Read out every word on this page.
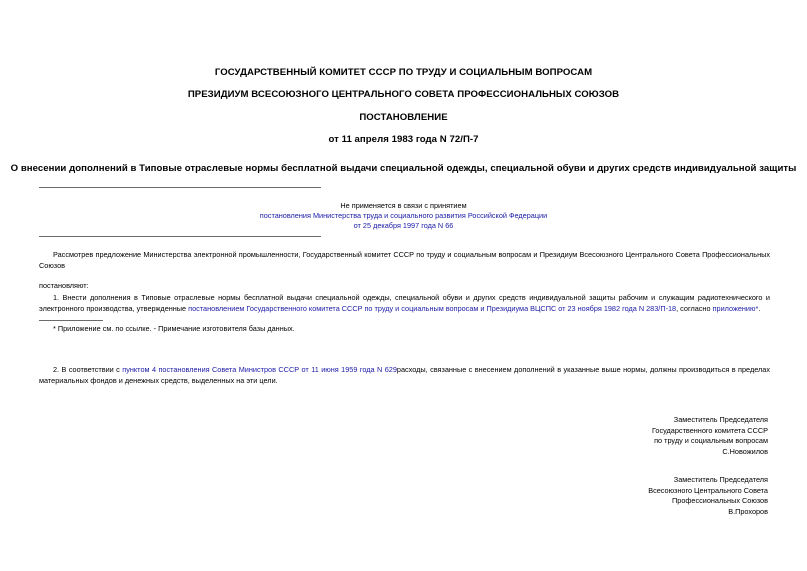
ГОСУДАРСТВЕННЫЙ КОМИТЕТ СССР ПО ТРУДУ И СОЦИАЛЬНЫМ ВОПРОСАМ
ПРЕЗИДИУМ ВСЕСОЮЗНОГО ЦЕНТРАЛЬНОГО СОВЕТА ПРОФЕССИОНАЛЬНЫХ СОЮЗОВ
ПОСТАНОВЛЕНИЕ
от 11 апреля 1983 года N 72/П-7
О внесении дополнений в Типовые отраслевые нормы бесплатной выдачи специальной одежды, специальной обуви и других средств индивидуальной защиты
Не применяется в связи с принятием
постановления Министерства труда и социального развития Российской Федерации
от 25 декабря 1997 года N 66
Рассмотрев предложение Министерства электронной промышленности, Государственный комитет СССР по труду и социальным вопросам и Президиум Всесоюзного Центрального Совета Профессиональных Союзов
постановляют:
1. Внести дополнения в Типовые отраслевые нормы бесплатной выдачи специальной одежды, специальной обуви и других средств индивидуальной защиты рабочим и служащим радиотехнического и электронного производства, утвержденные постановлением Государственного комитета СССР по труду и социальным вопросам и Президиума ВЦСПС от 23 ноября 1982 года N 283/П-18, согласно приложению*.
* Приложение см. по ссылке. - Примечание изготовителя базы данных.
2. В соответствии с пунктом 4 постановления Совета Министров СССР от 11 июня 1959 года N 629расходы, связанные с внесением дополнений в указанные выше нормы, должны производиться в пределах материальных фондов и денежных средств, выделенных на эти цели.
Заместитель Председателя
Государственного комитета СССР
по труду и социальным вопросам
С.Новожилов
Заместитель Председателя
Всесоюзного Центрального Совета
Профессиональных Союзов
В.Прохоров
